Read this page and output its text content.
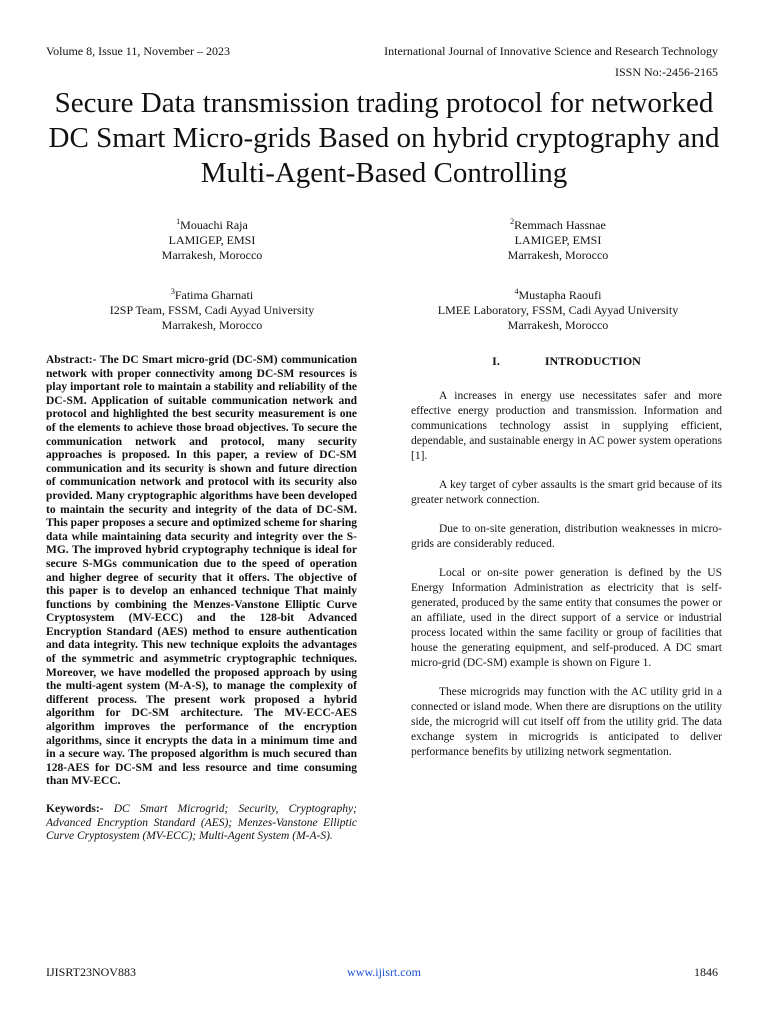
Volume 8, Issue 11, November – 2023	International Journal of Innovative Science and Research Technology
ISSN No:-2456-2165
Secure Data transmission trading protocol for networked DC Smart Micro-grids Based on hybrid cryptography and Multi-Agent-Based Controlling
$^1$Mouachi Raja
LAMIGEP, EMSI
Marrakesh, Morocco
$^2$Remmach Hassnae
LAMIGEP, EMSI
Marrakesh, Morocco
$^3$Fatima Gharnati
I2SP Team, FSSM, Cadi Ayyad University
Marrakesh, Morocco
$^4$Mustapha Raoufi
LMEE Laboratory, FSSM, Cadi Ayyad University
Marrakesh, Morocco

Abstract:- The DC Smart micro-grid (DC-SM) communication network with proper connectivity among DC-SM resources is play important role to maintain a stability and reliability of the DC-SM. Application of suitable communication network and protocol and highlighted the best security measurement is one of the elements to achieve those broad objectives. To secure the communication network and protocol, many security approaches is proposed. In this paper, a review of DC-SM communication and its security is shown and future direction of communication network and protocol with its security also provided. Many cryptographic algorithms have been developed to maintain the security and integrity of the data of DC-SM. This paper proposes a secure and optimized scheme for sharing data while maintaining data security and integrity over the S-MG. The improved hybrid cryptography technique is ideal for secure S-MGs communication due to the speed of operation and higher degree of security that it offers. The objective of this paper is to develop an enhanced technique That mainly functions by combining the Menzes-Vanstone Elliptic Curve Cryptosystem (MV-ECC) and the 128-bit Advanced Encryption Standard (AES) method to ensure authentication and data integrity. This new technique exploits the advantages of the symmetric and asymmetric cryptographic techniques. Moreover, we have modelled the proposed approach by using the multi-agent system (M-A-S), to manage the complexity of different process. The present work proposed a hybrid algorithm for DC-SM architecture. The MV-ECC-AES algorithm improves the performance of the encryption algorithms, since it encrypts the data in a minimum time and in a secure way. The proposed algorithm is much secured than 128-AES for DC-SM and less resource and time consuming than MV-ECC.

Keywords:- DC Smart Microgrid; Security, Cryptography; Advanced Encryption Standard (AES); Menzes-Vanstone Elliptic Curve Cryptosystem (MV-ECC); Multi-Agent System (M-A-S).

I.	INTRODUCTION

A increases in energy use necessitates safer and more effective energy production and transmission. Information and communications technology assist in supplying efficient, dependable, and sustainable energy in AC power system operations [1].

A key target of cyber assaults is the smart grid because of its greater network connection.

Due to on-site generation, distribution weaknesses in micro-grids are considerably reduced.

Local or on-site power generation is defined by the US Energy Information Administration as electricity that is self-generated, produced by the same entity that consumes the power or an affiliate, used in the direct support of a service or industrial process located within the same facility or group of facilities that house the generating equipment, and self-produced. A DC smart micro-grid (DC-SM) example is shown on Figure 1.

These microgrids may function with the AC utility grid in a connected or island mode. When there are disruptions on the utility side, the microgrid will cut itself off from the utility grid. The data exchange system in microgrids is anticipated to deliver performance benefits by utilizing network segmentation.

IJISRT23NOV883	www.ijisrt.com	1846
